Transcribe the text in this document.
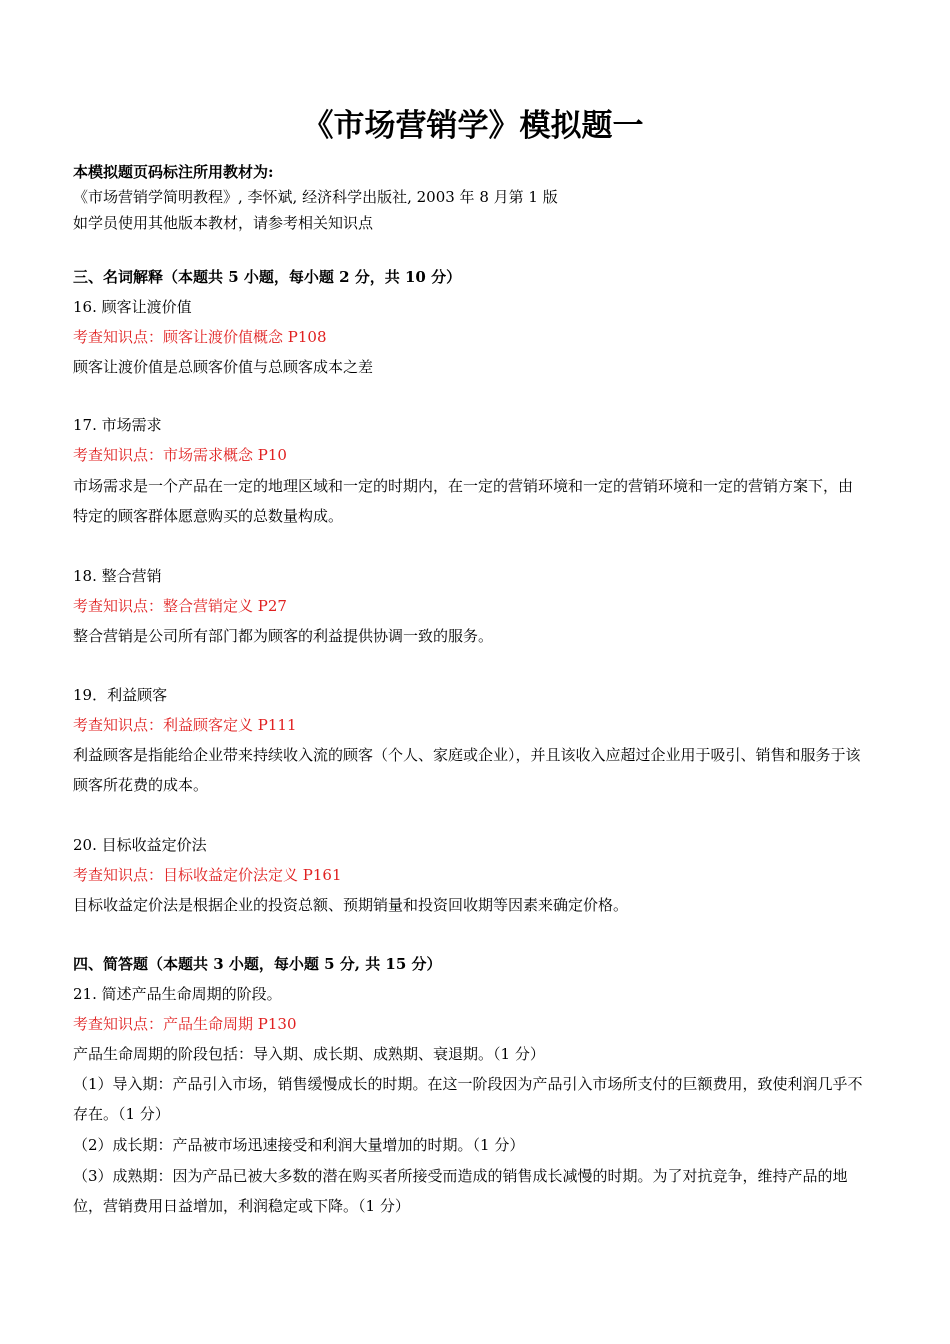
《市场营销学》模拟题一
本模拟题页码标注所用教材为:
《市场营销学简明教程》, 李怀斌, 经济科学出版社, 2003 年 8 月第 1 版
如学员使用其他版本教材，请参考相关知识点
三、名词解释（本题共 5 小题，每小题 2 分，共 10 分）
16. 顾客让渡价值
考查知识点：顾客让渡价值概念 P108
顾客让渡价值是总顾客价值与总顾客成本之差
17. 市场需求
考查知识点：市场需求概念 P10
市场需求是一个产品在一定的地理区域和一定的时期内，在一定的营销环境和一定的营销环境和一定的营销方案下，由特定的顾客群体愿意购买的总数量构成。
18. 整合营销
考查知识点：整合营销定义 P27
整合营销是公司所有部门都为顾客的利益提供协调一致的服务。
19．利益顾客
考查知识点：利益顾客定义 P111
利益顾客是指能给企业带来持续收入流的顾客（个人、家庭或企业），并且该收入应超过企业用于吸引、销售和服务于该顾客所花费的成本。
20. 目标收益定价法
考查知识点：目标收益定价法定义 P161
目标收益定价法是根据企业的投资总额、预期销量和投资回收期等因素来确定价格。
四、简答题（本题共 3 小题，每小题 5 分, 共 15 分）
21. 简述产品生命周期的阶段。
考查知识点：产品生命周期 P130
产品生命周期的阶段包括：导入期、成长期、成熟期、衰退期。（1 分）
（1）导入期：产品引入市场，销售缓慢成长的时期。在这一阶段因为产品引入市场所支付的巨额费用，致使利润几乎不存在。（1 分）
（2）成长期：产品被市场迅速接受和利润大量增加的时期。（1 分）
（3）成熟期：因为产品已被大多数的潜在购买者所接受而造成的销售成长减慢的时期。为了对抗竞争，维持产品的地位，营销费用日益增加，利润稳定或下降。（1 分）
